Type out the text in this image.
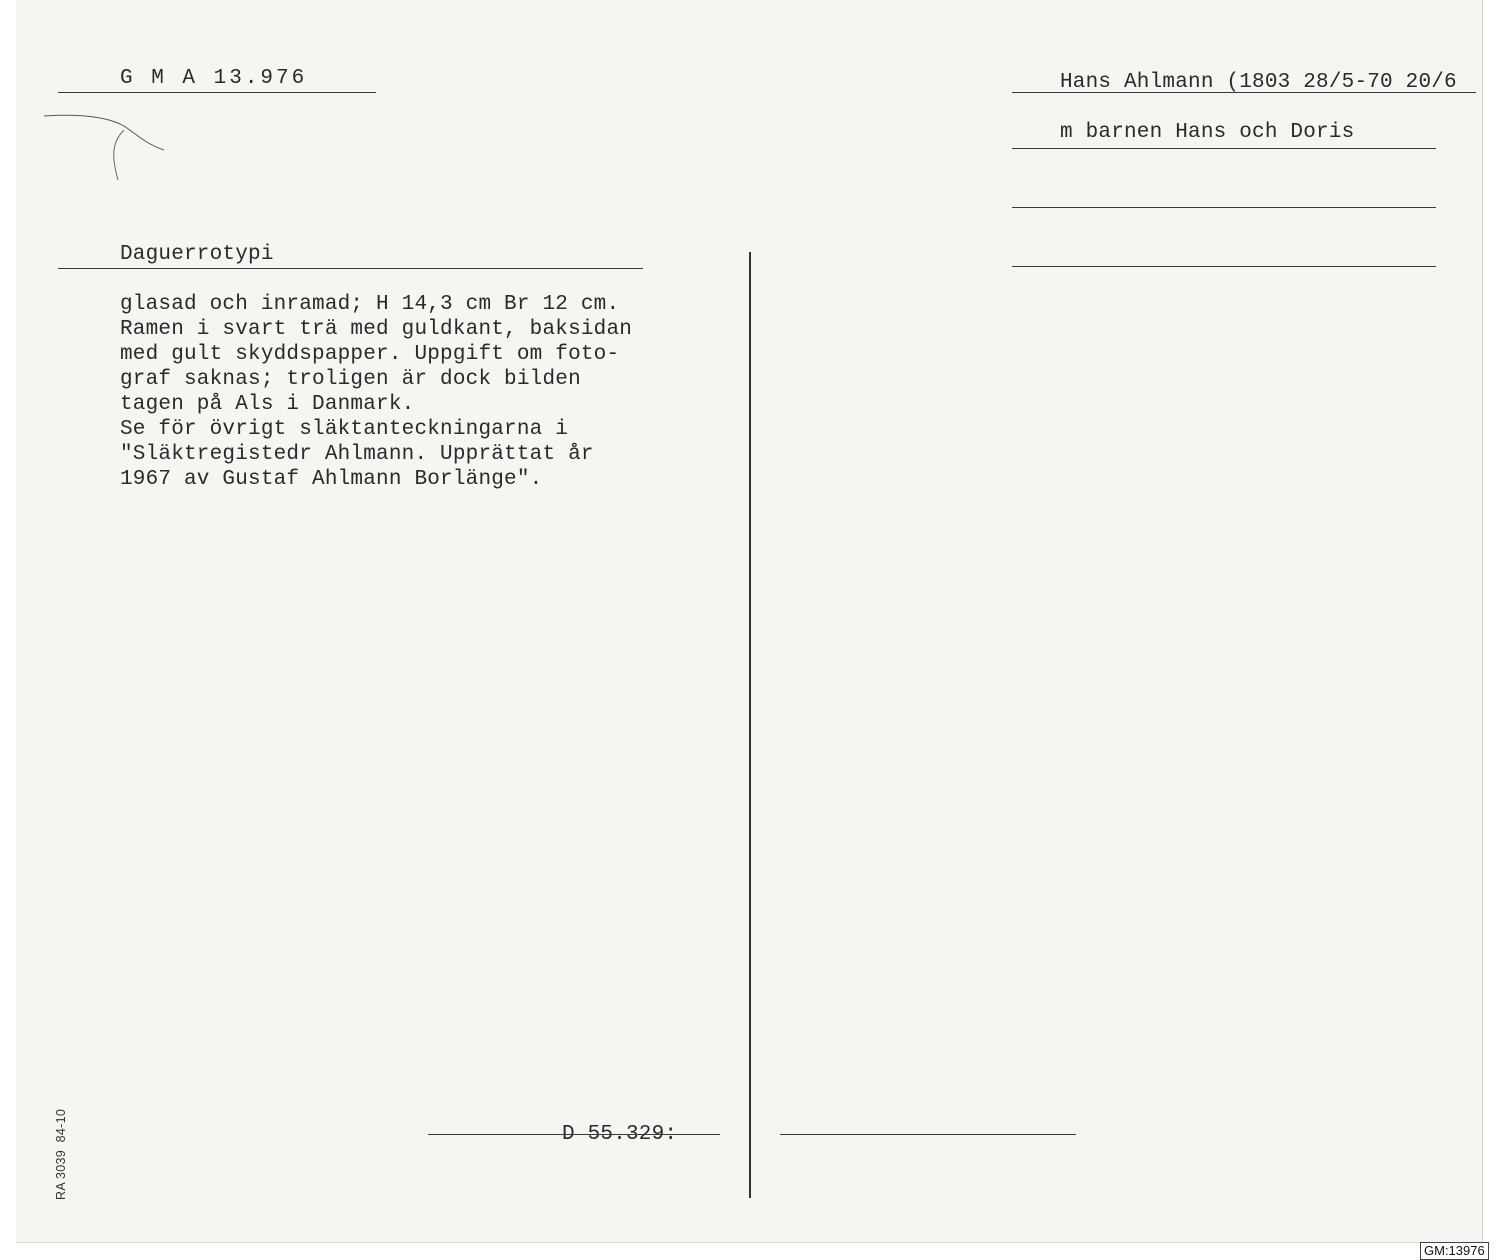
G M A 13.976	Hans Ahlmann (1803 28/5-70 20/6
m barnen Hans och Doris
Daguerrotypi
glasad och inramad; H 14,3 cm Br 12 cm.
Ramen i svart trä med guldkant, baksidan
med gult skyddspapper. Uppgift om foto-
graf saknas; troligen är dock bilden
tagen på Als i Danmark.
Se för övrigt släktanteckningarna i
"Släktregistedr Ahlmann. Upprättat år
1967 av Gustaf Ahlmann Borlänge".
D 55.329:
RA 3039  84-10
GM:13976
